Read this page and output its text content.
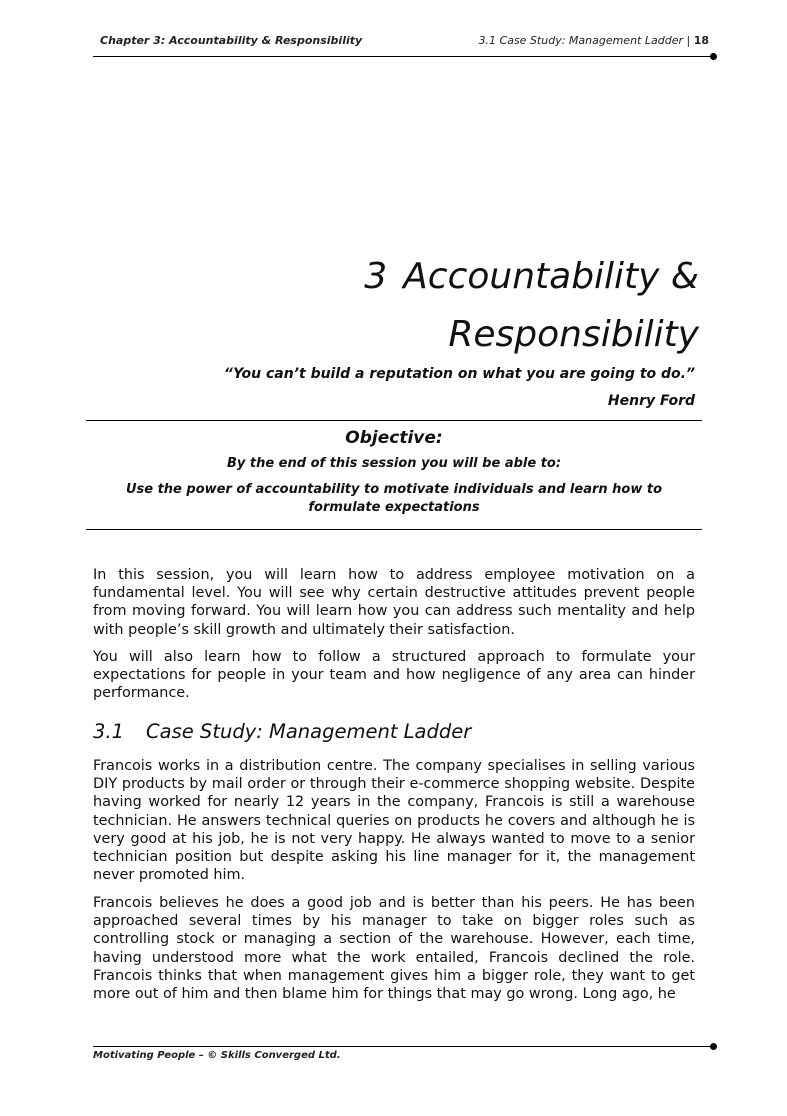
Chapter 3: Accountability & Responsibility	3.1 Case Study: Management Ladder | 18
3 Accountability &
Responsibility
“You can’t build a reputation on what you are going to do.”
Henry Ford
Objective:
By the end of this session you will be able to:
Use the power of accountability to motivate individuals and learn how to formulate expectations
In this session, you will learn how to address employee motivation on a fundamental level. You will see why certain destructive attitudes prevent people from moving forward. You will learn how you can address such mentality and help with people’s skill growth and ultimately their satisfaction.
You will also learn how to follow a structured approach to formulate your expectations for people in your team and how negligence of any area can hinder performance.
3.1 Case Study: Management Ladder
Francois works in a distribution centre. The company specialises in selling various DIY products by mail order or through their e-commerce shopping website. Despite having worked for nearly 12 years in the company, Francois is still a warehouse technician. He answers technical queries on products he covers and although he is very good at his job, he is not very happy. He always wanted to move to a senior technician position but despite asking his line manager for it, the management never promoted him.
Francois believes he does a good job and is better than his peers. He has been approached several times by his manager to take on bigger roles such as controlling stock or managing a section of the warehouse. However, each time, having understood more what the work entailed, Francois declined the role. Francois thinks that when management gives him a bigger role, they want to get more out of him and then blame him for things that may go wrong. Long ago, he
Motivating People – © Skills Converged Ltd.
